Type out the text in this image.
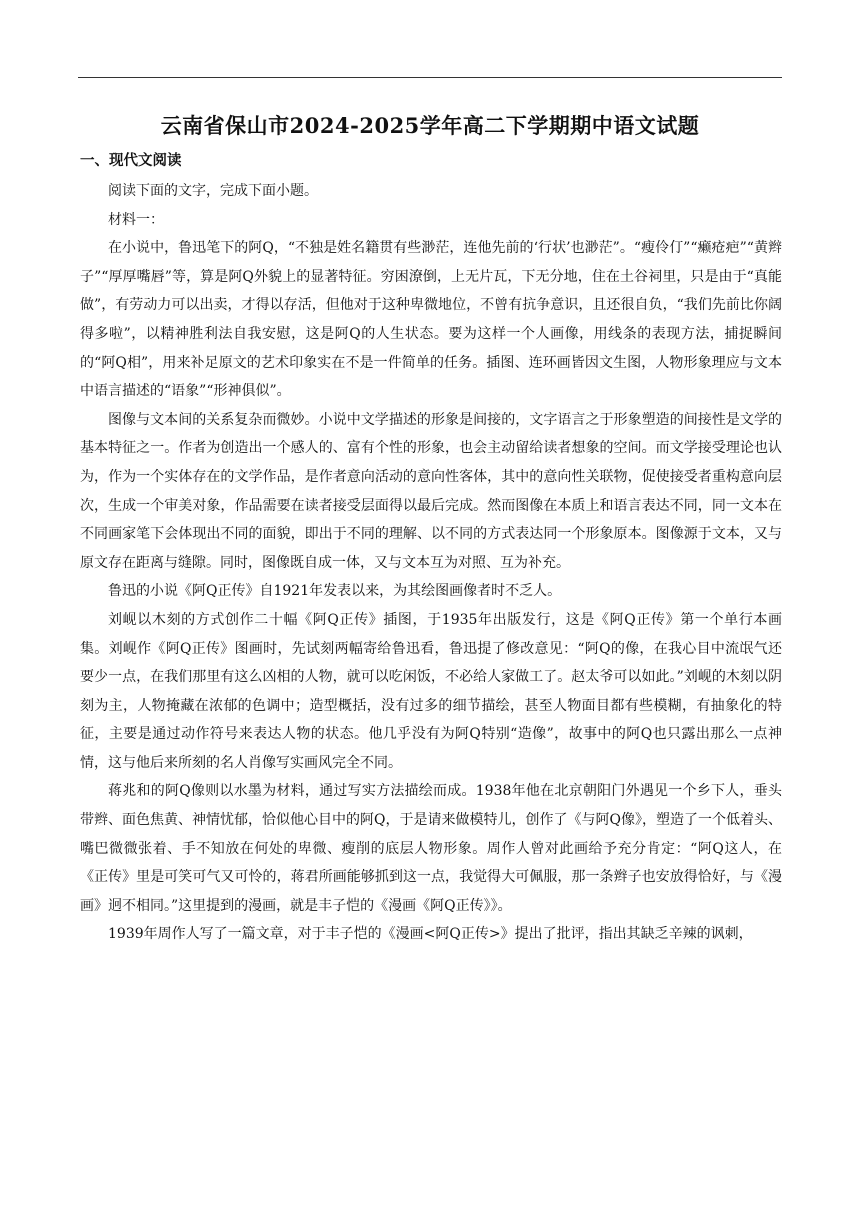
云南省保山市2024-2025学年高二下学期期中语文试题
一、现代文阅读

阅读下面的文字，完成下面小题。

材料一：

在小说中，鲁迅笔下的阿Q，“不独是姓名籍贯有些渺茫，连他先前的‘行状’也渺茫”。“瘦伶仃”“癞疮疤”“黄辫子”“厚厚嘴唇”等，算是阿Q外貌上的显著特征。穷困潦倒，上无片瓦，下无分地，住在土谷祠里，只是由于“真能做”，有劳动力可以出卖，才得以存活，但他对于这种卑微地位，不曾有抗争意识，且还很自负，“我们先前比你阔得多啦”，以精神胜利法自我安慰，这是阿Q的人生状态。要为这样一个人画像，用线条的表现方法，捕捉瞬间的“阿Q相”，用来补足原文的艺术印象实在不是一件简单的任务。插图、连环画皆因文生图，人物形象理应与文本中语言描述的“语象”“形神俱似”。

图像与文本间的关系复杂而微妙。小说中文学描述的形象是间接的，文字语言之于形象塑造的间接性是文学的基本特征之一。作者为创造出一个感人的、富有个性的形象，也会主动留给读者想象的空间。而文学接受理论也认为，作为一个实体存在的文学作品，是作者意向活动的意向性客体，其中的意向性关联物，促使接受者重构意向层次，生成一个审美对象，作品需要在读者接受层面得以最后完成。然而图像在本质上和语言表达不同，同一文本在不同画家笔下会体现出不同的面貌，即出于不同的理解、以不同的方式表达同一个形象原本。图像源于文本，又与原文存在距离与缝隙。同时，图像既自成一体，又与文本互为对照、互为补充。

鲁迅的小说《阿Q正传》自1921年发表以来，为其绘图画像者时不乏人。

刘岘以木刻的方式创作二十幅《阿Q正传》插图，于1935年出版发行，这是《阿Q正传》第一个单行本画集。刘岘作《阿Q正传》图画时，先试刻两幅寄给鲁迅看，鲁迅提了修改意见：“阿Q的像，在我心目中流氓气还要少一点，在我们那里有这么凶相的人物，就可以吃闲饭，不必给人家做工了。赵太爷可以如此。”刘岘的木刻以阴刻为主，人物掩藏在浓郁的色调中；造型概括，没有过多的细节描绘，甚至人物面目都有些模糊，有抽象化的特征，主要是通过动作符号来表达人物的状态。他几乎没有为阿Q特别“造像”，故事中的阿Q也只露出那么一点神情，这与他后来所刻的名人肖像写实画风完全不同。

蒋兆和的阿Q像则以水墨为材料，通过写实方法描绘而成。1938年他在北京朝阳门外遇见一个乡下人，垂头带辫、面色焦黄、神情忧郁，恰似他心目中的阿Q，于是请来做模特儿，创作了《与阿Q像》，塑造了一个低着头、嘴巴微微张着、手不知放在何处的卑微、瘦削的底层人物形象。周作人曾对此画给予充分肯定：“阿Q这人，在《正传》里是可笑可气又可怜的，蒋君所画能够抓到这一点，我觉得大可佩服，那一条辫子也安放得恰好，与《漫画》迥不相同。”这里提到的漫画，就是丰子恺的《漫画《阿Q正传》》。

1939年周作人写了一篇文章，对于丰子恺的《漫画<阿Q正传>》提出了批评，指出其缺乏辛辣的讽刺，
